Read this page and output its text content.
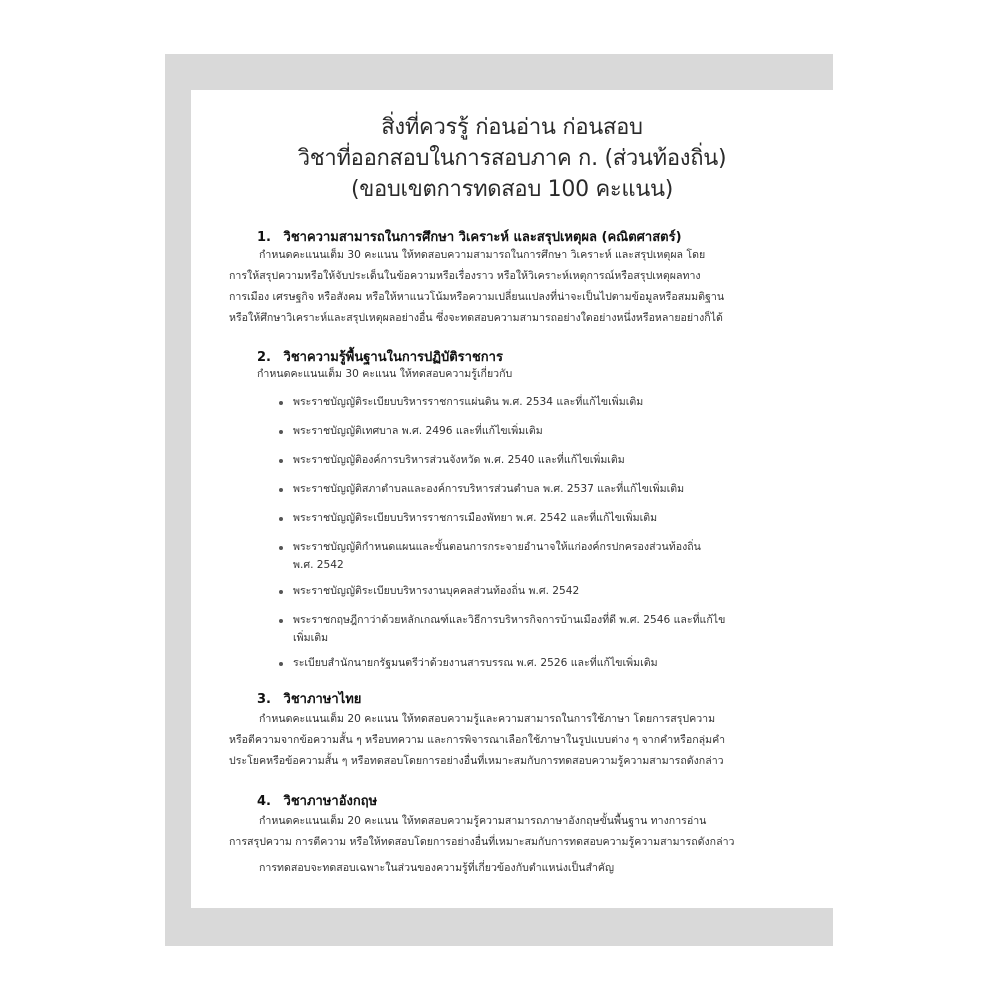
สิ่งที่ควรรู้ ก่อนอ่าน ก่อนสอบ
วิชาที่ออกสอบในการสอบภาค ก. (ส่วนท้องถิ่น)
(ขอบเขตการทดสอบ 100 คะแนน)
1. วิชาความสามารถในการศึกษา วิเคราะห์ และสรุปเหตุผล (คณิตศาสตร์)
กำหนดคะแนนเต็ม 30 คะแนน ให้ทดสอบความสามารถในการศึกษา วิเคราะห์ และสรุปเหตุผล โดย
การให้สรุปความหรือให้จับประเด็นในข้อความหรือเรื่องราว หรือให้วิเคราะห์เหตุการณ์หรือสรุปเหตุผลทาง
การเมือง เศรษฐกิจ หรือสังคม หรือให้หาแนวโน้มหรือความเปลี่ยนแปลงที่น่าจะเป็นไปตามข้อมูลหรือสมมติฐาน
หรือให้ศึกษาวิเคราะห์และสรุปเหตุผลอย่างอื่น ซึ่งจะทดสอบความสามารถอย่างใดอย่างหนึ่งหรือหลายอย่างก็ได้
2. วิชาความรู้พื้นฐานในการปฏิบัติราชการ
กำหนดคะแนนเต็ม 30 คะแนน ให้ทดสอบความรู้เกี่ยวกับ
พระราชบัญญัติระเบียบบริหารราชการแผ่นดิน พ.ศ. 2534 และที่แก้ไขเพิ่มเติม
พระราชบัญญัติเทศบาล พ.ศ. 2496 และที่แก้ไขเพิ่มเติม
พระราชบัญญัติองค์การบริหารส่วนจังหวัด พ.ศ. 2540 และที่แก้ไขเพิ่มเติม
พระราชบัญญัติสภาตำบลและองค์การบริหารส่วนตำบล พ.ศ. 2537 และที่แก้ไขเพิ่มเติม
พระราชบัญญัติระเบียบบริหารราชการเมืองพัทยา พ.ศ. 2542 และที่แก้ไขเพิ่มเติม
พระราชบัญญัติกำหนดแผนและขั้นตอนการกระจายอำนาจให้แก่องค์กรปกครองส่วนท้องถิ่น
พ.ศ. 2542
พระราชบัญญัติระเบียบบริหารงานบุคคลส่วนท้องถิ่น พ.ศ. 2542
พระราชกฤษฎีกาว่าด้วยหลักเกณฑ์และวิธีการบริหารกิจการบ้านเมืองที่ดี พ.ศ. 2546 และที่แก้ไข
เพิ่มเติม
ระเบียบสำนักนายกรัฐมนตรีว่าด้วยงานสารบรรณ พ.ศ. 2526 และที่แก้ไขเพิ่มเติม
3. วิชาภาษาไทย
กำหนดคะแนนเต็ม 20 คะแนน ให้ทดสอบความรู้และความสามารถในการใช้ภาษา โดยการสรุปความ
หรือตีความจากข้อความสั้น ๆ หรือบทความ และการพิจารณาเลือกใช้ภาษาในรูปแบบต่าง ๆ จากคำหรือกลุ่มคำ
ประโยคหรือข้อความสั้น ๆ หรือทดสอบโดยการอย่างอื่นที่เหมาะสมกับการทดสอบความรู้ความสามารถดังกล่าว
4. วิชาภาษาอังกฤษ
กำหนดคะแนนเต็ม 20 คะแนน ให้ทดสอบความรู้ความสามารถภาษาอังกฤษขั้นพื้นฐาน ทางการอ่าน
การสรุปความ การตีความ หรือให้ทดสอบโดยการอย่างอื่นที่เหมาะสมกับการทดสอบความรู้ความสามารถดังกล่าว
การทดสอบจะทดสอบเฉพาะในส่วนของความรู้ที่เกี่ยวข้องกับตำแหน่งเป็นสำคัญ
